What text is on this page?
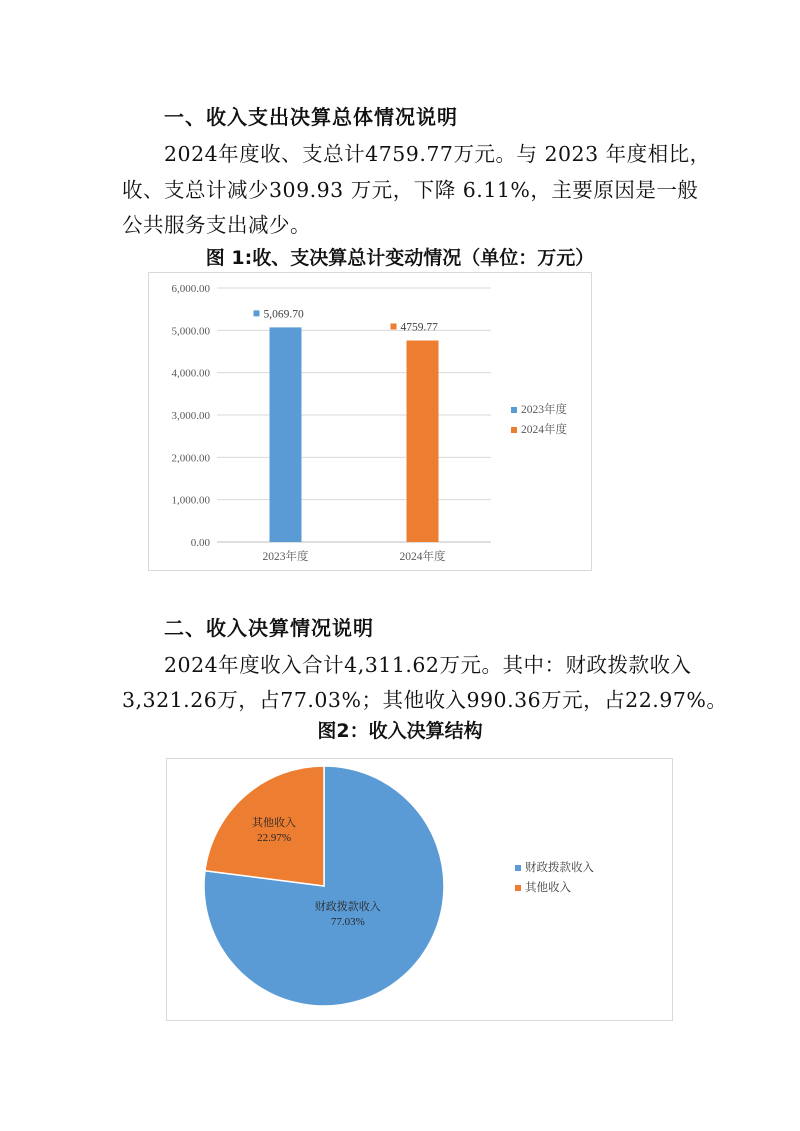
一、收入支出决算总体情况说明
2024年度收、支总计4759.77万元。与 2023 年度相比，
收、支总计减少309.93 万元，下降 6.11%，主要原因是一般
公共服务支出减少。
图 1:收、支决算总计变动情况（单位：万元）
0.00
1,000.00
2,000.00
3,000.00
4,000.00
5,000.00
6,000.00
2023年度	2024年度
5,069.70
4759.77
2023年度
2024年度
二、收入决算情况说明
2024年度收入合计4,311.62万元。其中：财政拨款收入
3,321.26万，占77.03%；其他收入990.36万元，占22.97%。
图2：收入决算结构
财政拨款收入
77.03%
其他收入
22.97%
财政拨款收入
其他收入
